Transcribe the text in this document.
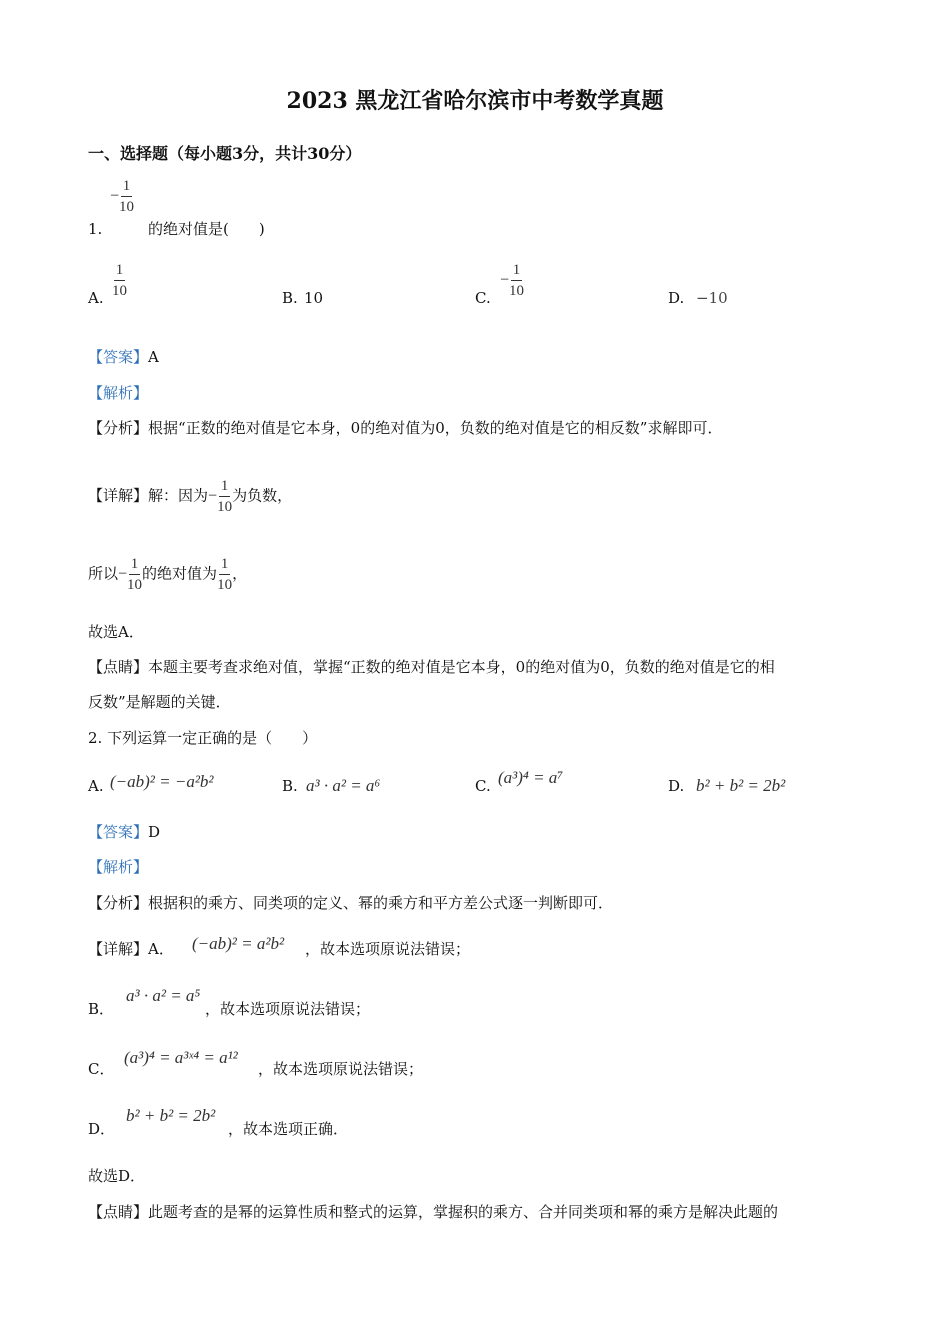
2023 黑龙江省哈尔滨市中考数学真题
一、选择题（每小题3分，共计30分）
− $\frac{1}{10}$
1.	的绝对值是(　　)
A. $\frac{1}{10}$	B. 10	C.
− $\frac{1}{10}$	D. −10
【答案】A
【解析】
【分析】根据“正数的绝对值是它本身，0的绝对值为0，负数的绝对值是它的相反数”求解即可．
【详解】解：因为− $\frac{1}{10}$ 为负数，
所以− $\frac{1}{10}$ 的绝对值为 $\frac{1}{10}$ ，
故选A．
【点睛】本题主要考查求绝对值，掌握“正数的绝对值是它本身，0的绝对值为0，负数的绝对值是它的相
反数”是解题的关键．
2. 下列运算一定正确的是（　　）
A. (−ab)² = −a²b²	B. a³ · a² = a⁶	C. (a³)⁴ = a⁷	D. b² + b² = 2b²
【答案】D
【解析】
【分析】根据积的乘方、同类项的定义、幂的乘方和平方差公式逐一判断即可．
【详解】A． (−ab)² = a²b² ，故本选项原说法错误；
B．
a³ · a² = a⁵
，故本选项原说法错误；
C．
(a³)⁴ = a³ˣ⁴ = a¹²
，故本选项原说法错误；
D．
b² + b² = 2b²
，故本选项正确．
故选D．
【点睛】此题考查的是幂的运算性质和整式的运算，掌握积的乘方、合并同类项和幂的乘方是解决此题的
